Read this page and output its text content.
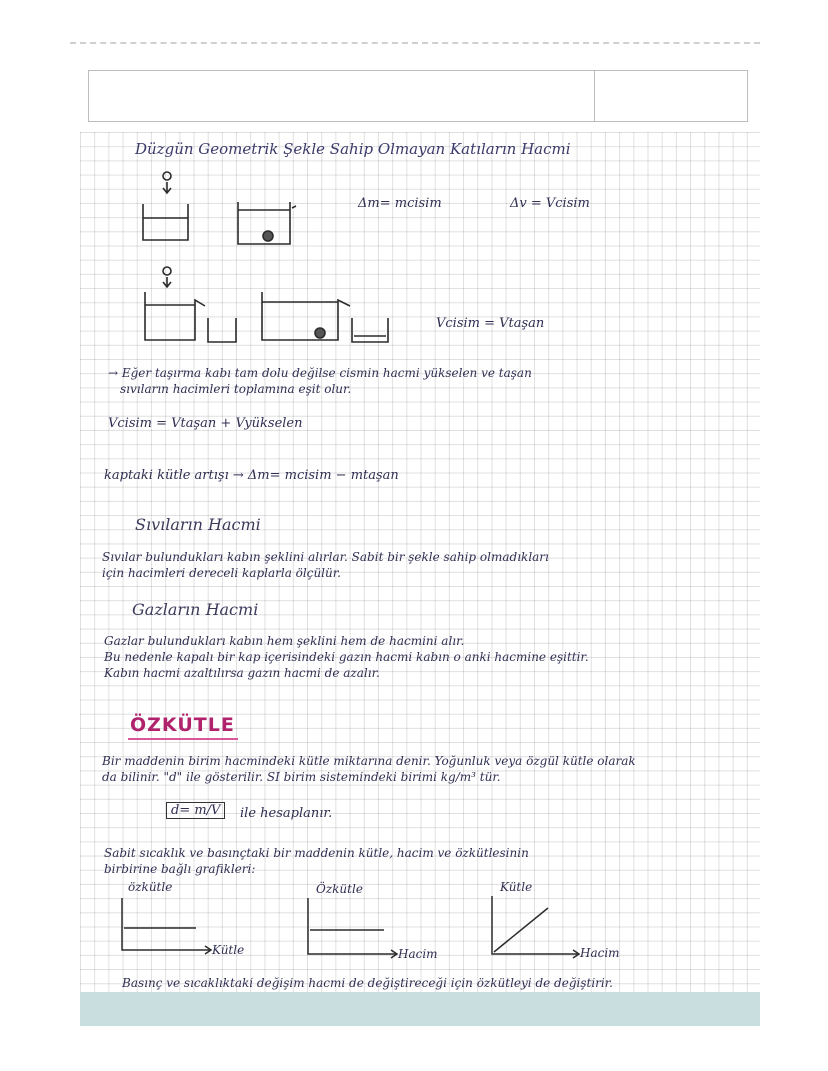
Düzgün Geometrik Şekle Sahip Olmayan Katıların Hacmi
Δm= mcisim	Δv = Vcisim
Vcisim = Vtaşan
→ Eğer taşırma kabı tam dolu değilse cismin hacmi yükselen ve taşan
sıvıların hacimleri toplamına eşit olur.
Vcisim = Vtaşan + Vyükselen
kaptaki kütle artışı → Δm= mcisim − mtaşan
Sıvıların Hacmi
Sıvılar bulundukları kabın şeklini alırlar. Sabit bir şekle sahip olmadıkları
için hacimleri dereceli kaplarla ölçülür.
Gazların Hacmi
Gazlar bulundukları kabın hem şeklini hem de hacmini alır.
Bu nedenle kapalı bir kap içerisindeki gazın hacmi kabın o anki hacmine eşittir.
Kabın hacmi azaltılırsa gazın hacmi de azalır.
ÖZKÜTLE
Bir maddenin birim hacmindeki kütle miktarına denir. Yoğunluk veya özgül kütle olarak
da bilinir. "d" ile gösterilir. SI birim sistemindeki birimi kg/m³ tür.
d= m/V	ile hesaplanır.
Sabit sıcaklık ve basınçtaki bir maddenin kütle, hacim ve özkütlesinin
birbirine bağlı grafikleri:
özkütle
Kütle
Özkütle
Hacim
Kütle
Hacim
Basınç ve sıcaklıktaki değişim hacmi de değiştireceği için özkütleyi de değiştirir.
